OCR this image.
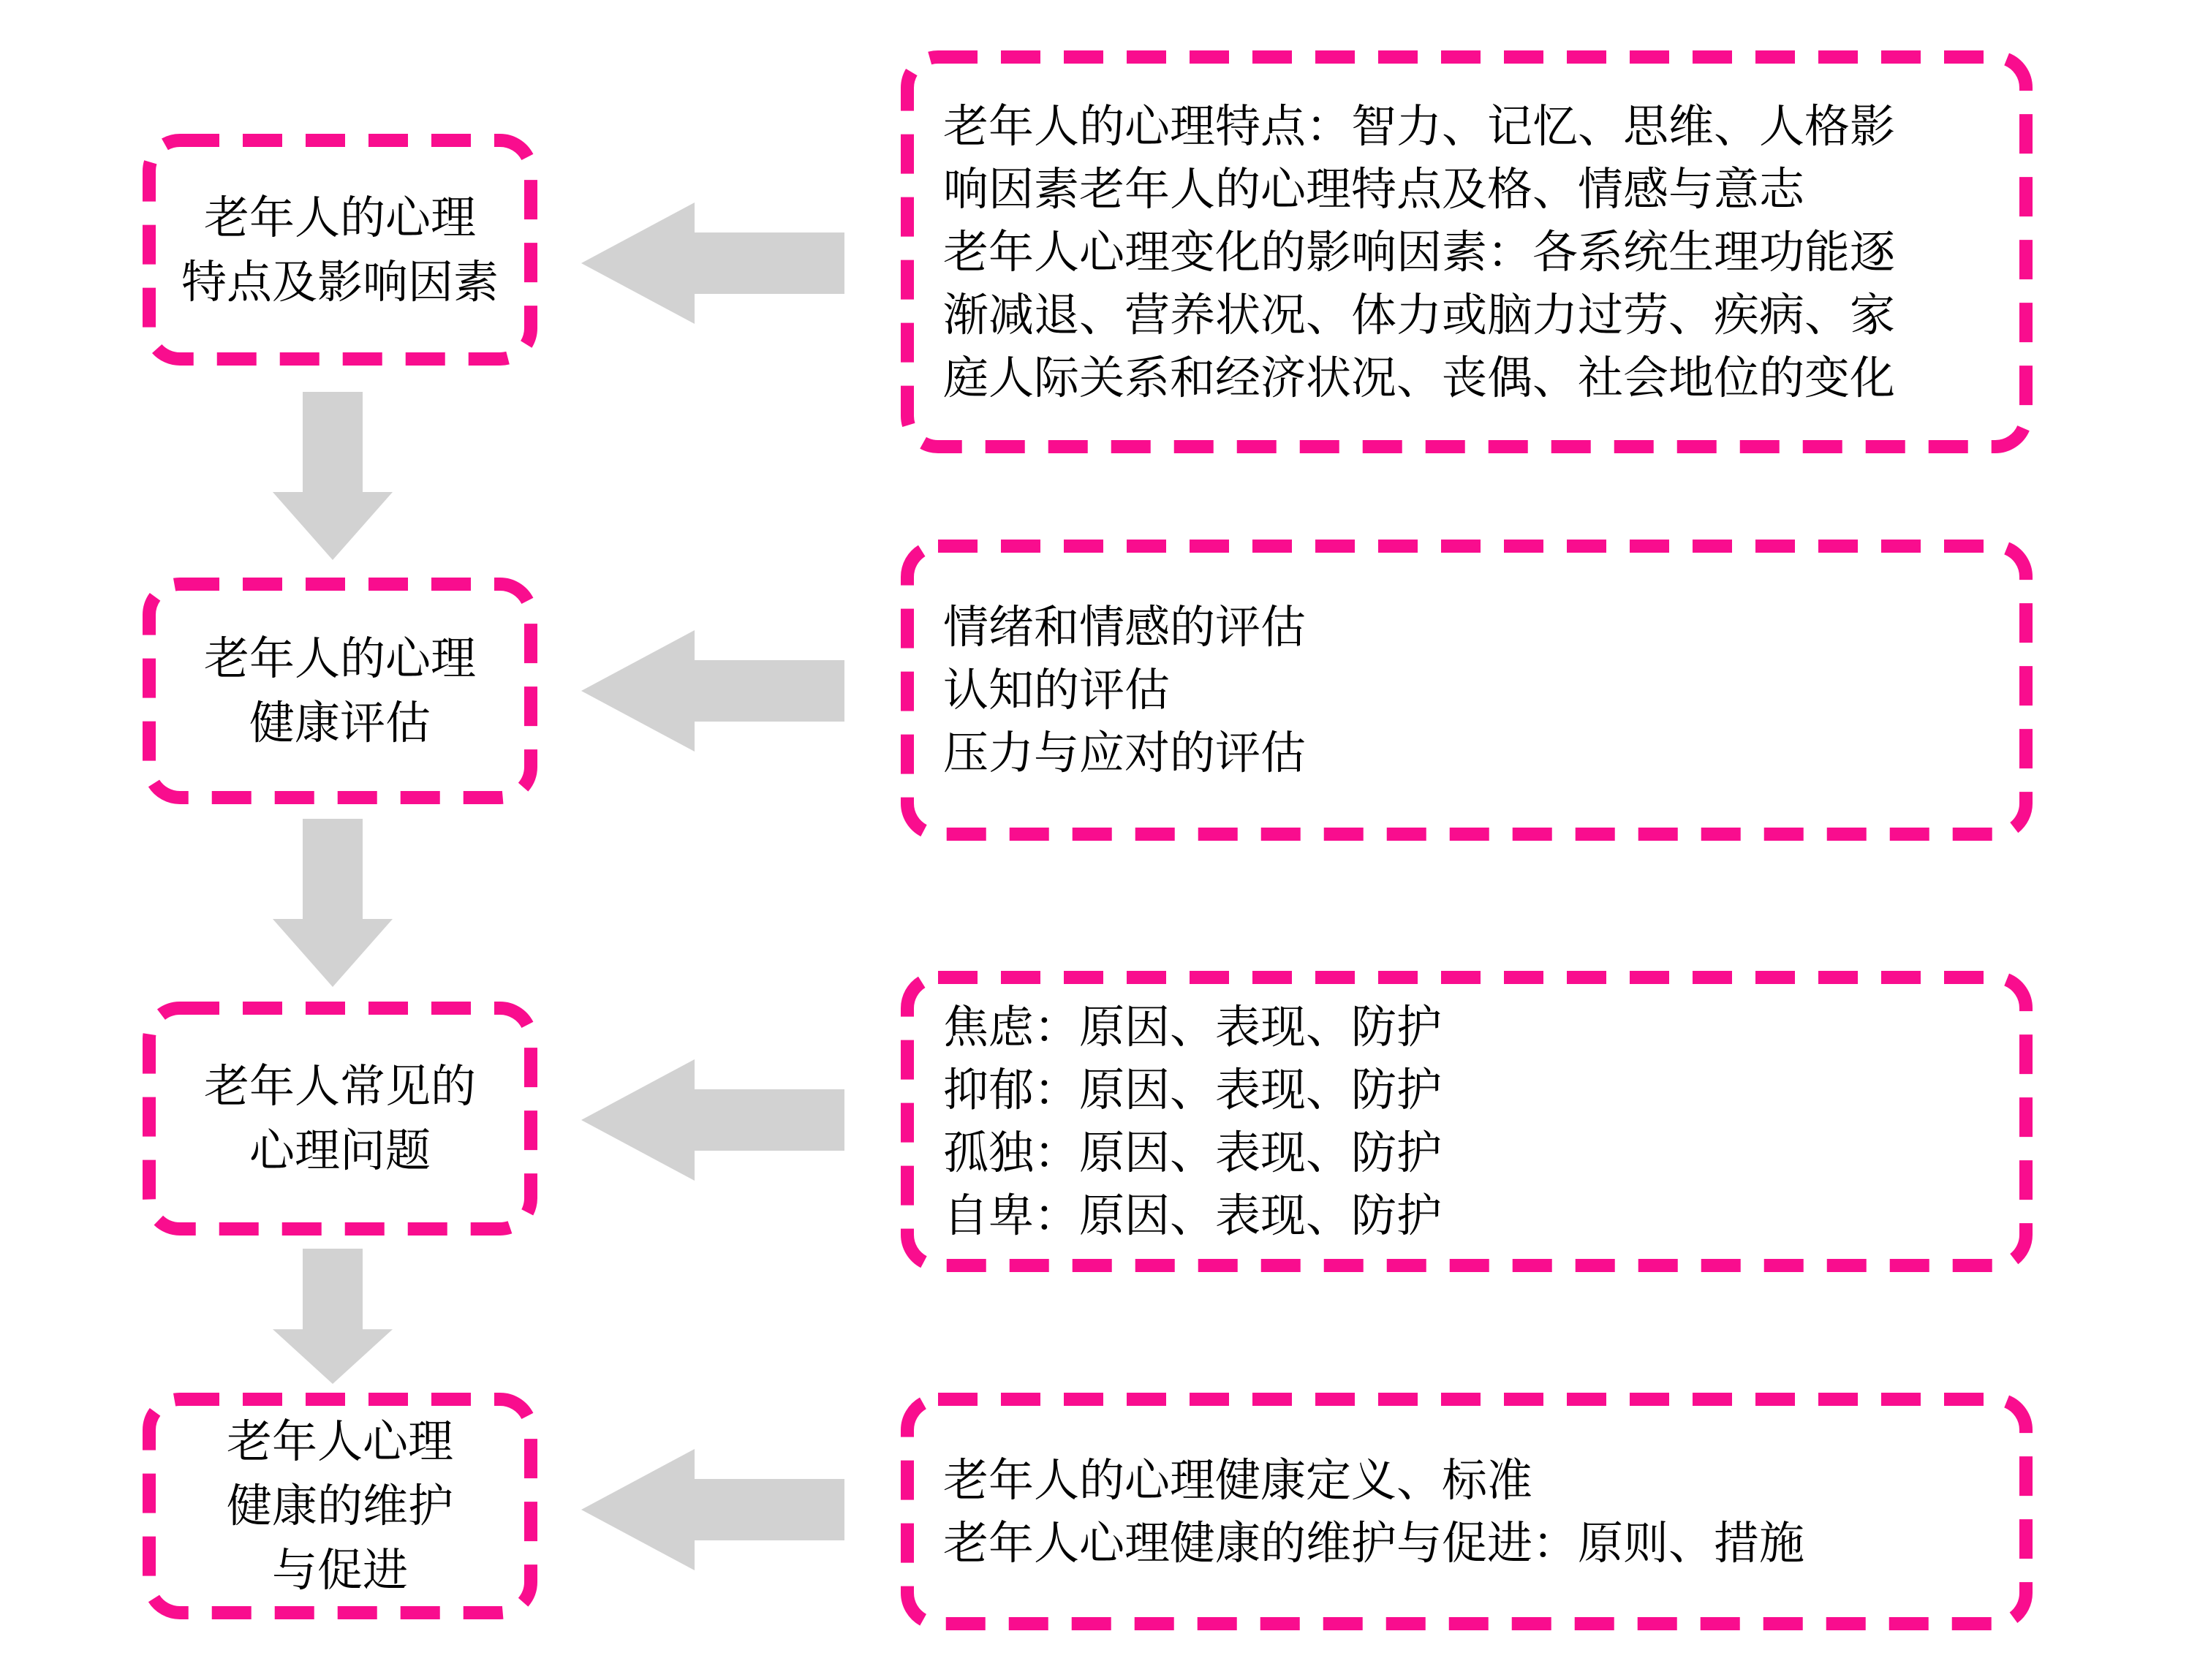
老年人的心理
特点及影响因素
老年人的心理特点：智力、记忆、思维、人格影
响因素老年人的心理特点及格、情感与意志
老年人心理变化的影响因素：各系统生理功能逐
渐减退、营养状况、体力或脑力过劳、疾病、家
庭人际关系和经济状况、丧偶、社会地位的变化
老年人的心理
健康评估
情绪和情感的评估
认知的评估
压力与应对的评估
老年人常见的
心理问题
焦虑：原因、表现、防护
抑郁：原因、表现、防护
孤独：原因、表现、防护
自卑：原因、表现、防护
老年人心理
健康的维护
与促进
老年人的心理健康定义、标准
老年人心理健康的维护与促进：原则、措施
